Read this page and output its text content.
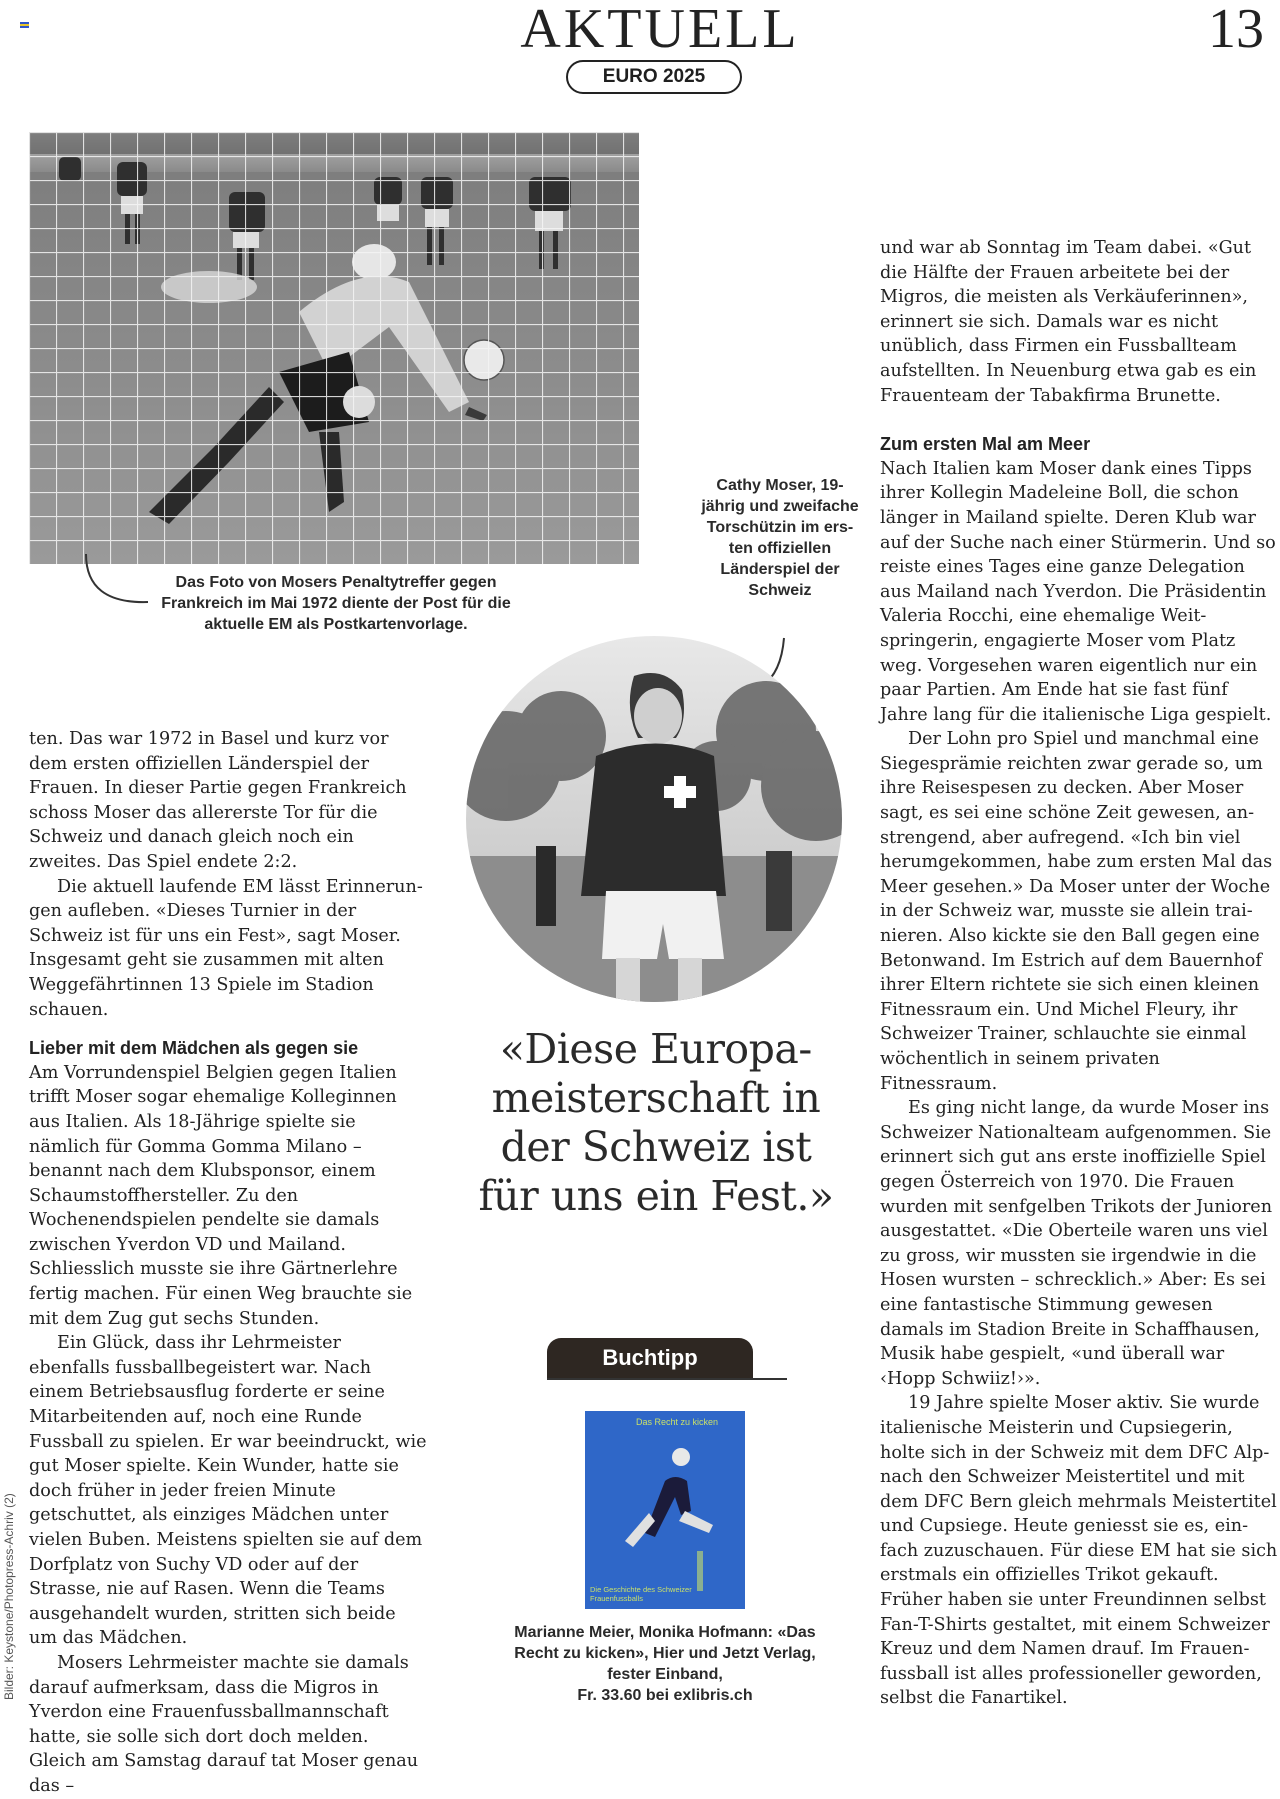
AKTUELL	13
EURO 2025
Das Foto von Mosers Penaltytreffer gegen Frankreich im Mai 1972 diente der Post für die aktuelle EM als Postkartenvorlage.
Cathy Moser, 19-jährig und zweifache Torschützin im ersten offiziellen Länderspiel der Schweiz

ten. Das war 1972 in Basel und kurz vor dem ersten offiziellen Länderspiel der Frauen. In dieser Partie gegen Frankreich schoss Moser das allererste Tor für die Schweiz und danach gleich noch ein zweites. Das Spiel endete 2:2.

Die aktuell laufende EM lässt Erinnerungen aufleben. «Dieses Turnier in der Schweiz ist für uns ein Fest», sagt Moser. Insgesamt geht sie zusammen mit alten Weggefährtinnen 13 Spiele im Stadion schauen.

Lieber mit dem Mädchen als gegen sie

Am Vorrundenspiel Belgien gegen Italien trifft Moser sogar ehemalige Kolleginnen aus Italien. Als 18-Jährige spielte sie nämlich für Gomma Gomma Milano – benannt nach dem Klubsponsor, einem Schaumstoffhersteller. Zu den Wochenendspielen pendelte sie damals zwischen Yverdon VD und Mailand. Schliesslich musste sie ihre Gärtnerlehre fertig machen. Für einen Weg brauchte sie mit dem Zug gut sechs Stunden.

Ein Glück, dass ihr Lehrmeister ebenfalls fussballbegeistert war. Nach einem Betriebsausflug forderte er seine Mitarbeitenden auf, noch eine Runde Fussball zu spielen. Er war beeindruckt, wie gut Moser spielte. Kein Wunder, hatte sie doch früher in jeder freien Minute getschuttet, als einziges Mädchen unter vielen Buben. Meistens spielten sie auf dem Dorfplatz von Suchy VD oder auf der Strasse, nie auf Rasen. Wenn die Teams ausgehandelt wurden, stritten sich beide um das Mädchen.

Mosers Lehrmeister machte sie damals darauf aufmerksam, dass die Migros in Yverdon eine Frauenfussballmannschaft hatte, sie solle sich dort doch melden. Gleich am Samstag darauf tat Moser genau das –

«Diese Europameisterschaft in der Schweiz ist für uns ein Fest.»
Buchtipp
Das Recht zu kicken
Die Geschichte des Schweizer Frauenfussballs
Marianne Meier, Monika Hofmann: «Das Recht zu kicken», Hier und Jetzt Verlag, fester Einband,
Fr. 33.60 bei exlibris.ch

und war ab Sonntag im Team dabei. «Gut die Hälfte der Frauen arbeitete bei der Migros, die meisten als Verkäuferinnen», erinnert sie sich. Damals war es nicht unüblich, dass Firmen ein Fussballteam aufstellten. In Neuenburg etwa gab es ein Frauenteam der Tabakfirma Brunette.

Zum ersten Mal am Meer

Nach Italien kam Moser dank eines Tipps ihrer Kollegin Madeleine Boll, die schon länger in Mailand spielte. Deren Klub war auf der Suche nach einer Stürmerin. Und so reiste eines Tages eine ganze Delegation aus Mailand nach Yverdon. Die Präsidentin Valeria Rocchi, eine ehemalige Weitspringerin, engagierte Moser vom Platz weg. Vorgesehen waren eigentlich nur ein paar Partien. Am Ende hat sie fast fünf Jahre lang für die italienische Liga gespielt.

Der Lohn pro Spiel und manchmal eine Siegesprämie reichten zwar gerade so, um ihre Reisespesen zu decken. Aber Moser sagt, es sei eine schöne Zeit gewesen, anstrengend, aber aufregend. «Ich bin viel herumgekommen, habe zum ersten Mal das Meer gesehen.» Da Moser unter der Woche in der Schweiz war, musste sie allein trainieren. Also kickte sie den Ball gegen eine Betonwand. Im Estrich auf dem Bauernhof ihrer Eltern richtete sie sich einen kleinen Fitnessraum ein. Und Michel Fleury, ihr Schweizer Trainer, schlauchte sie einmal wöchentlich in seinem privaten Fitnessraum.

Es ging nicht lange, da wurde Moser ins Schweizer Nationalteam aufgenommen. Sie erinnert sich gut ans erste inoffizielle Spiel gegen Österreich von 1970. Die Frauen wurden mit senfgelben Trikots der Junioren ausgestattet. «Die Oberteile waren uns viel zu gross, wir mussten sie irgendwie in die Hosen wursten – schrecklich.» Aber: Es sei eine fantastische Stimmung gewesen damals im Stadion Breite in Schaffhausen, Musik habe gespielt, «und überall war ‹Hopp Schwiiz!›».

19 Jahre spielte Moser aktiv. Sie wurde italienische Meisterin und Cupsiegerin, holte sich in der Schweiz mit dem DFC Alpnach den Schweizer Meistertitel und mit dem DFC Bern gleich mehrmals Meistertitel und Cupsiege. Heute geniesst sie es, einfach zuzuschauen. Für diese EM hat sie sich erstmals ein offizielles Trikot gekauft. Früher haben sie unter Freundinnen selbst Fan-T-Shirts gestaltet, mit einem Schweizer Kreuz und dem Namen drauf. Im Frauenfussball ist alles professioneller geworden, selbst die Fanartikel.

Bilder: Keystone/Photopress-Achriv (2)
